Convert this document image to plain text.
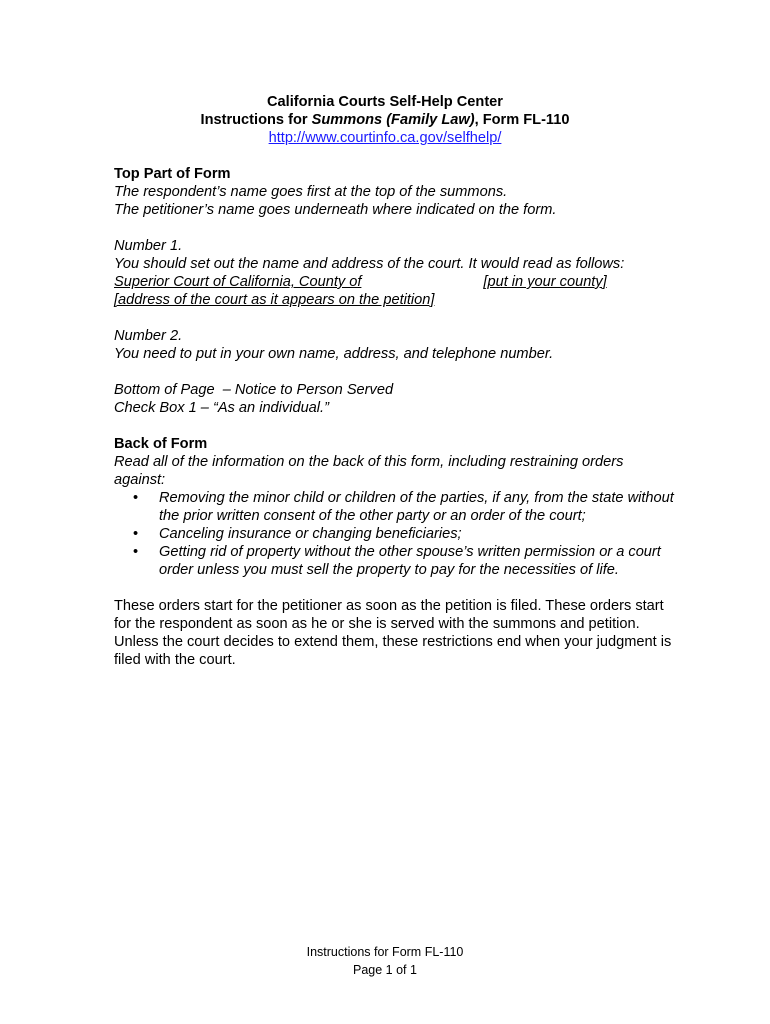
California Courts Self-Help Center
Instructions for Summons (Family Law), Form FL-110
http://www.courtinfo.ca.gov/selfhelp/
Top Part of Form
The respondent’s name goes first at the top of the summons.
The petitioner’s name goes underneath where indicated on the form.
Number 1.
You should set out the name and address of the court. It would read as follows:
Superior Court of California, County of	[put in your county]
[address of the court as it appears on the petition]
Number 2.
You need to put in your own name, address, and telephone number.
Bottom of Page  – Notice to Person Served
Check Box 1 – “As an individual.”
Back of Form
Read all of the information on the back of this form, including restraining orders against:
• Removing the minor child or children of the parties, if any, from the state without the prior written consent of the other party or an order of the court;
• Canceling insurance or changing beneficiaries;
• Getting rid of property without the other spouse’s written permission or a court order unless you must sell the property to pay for the necessities of life.
These orders start for the petitioner as soon as the petition is filed. These orders start for the respondent as soon as he or she is served with the summons and petition. Unless the court decides to extend them, these restrictions end when your judgment is filed with the court.
Instructions for Form FL-110
Page 1 of 1
